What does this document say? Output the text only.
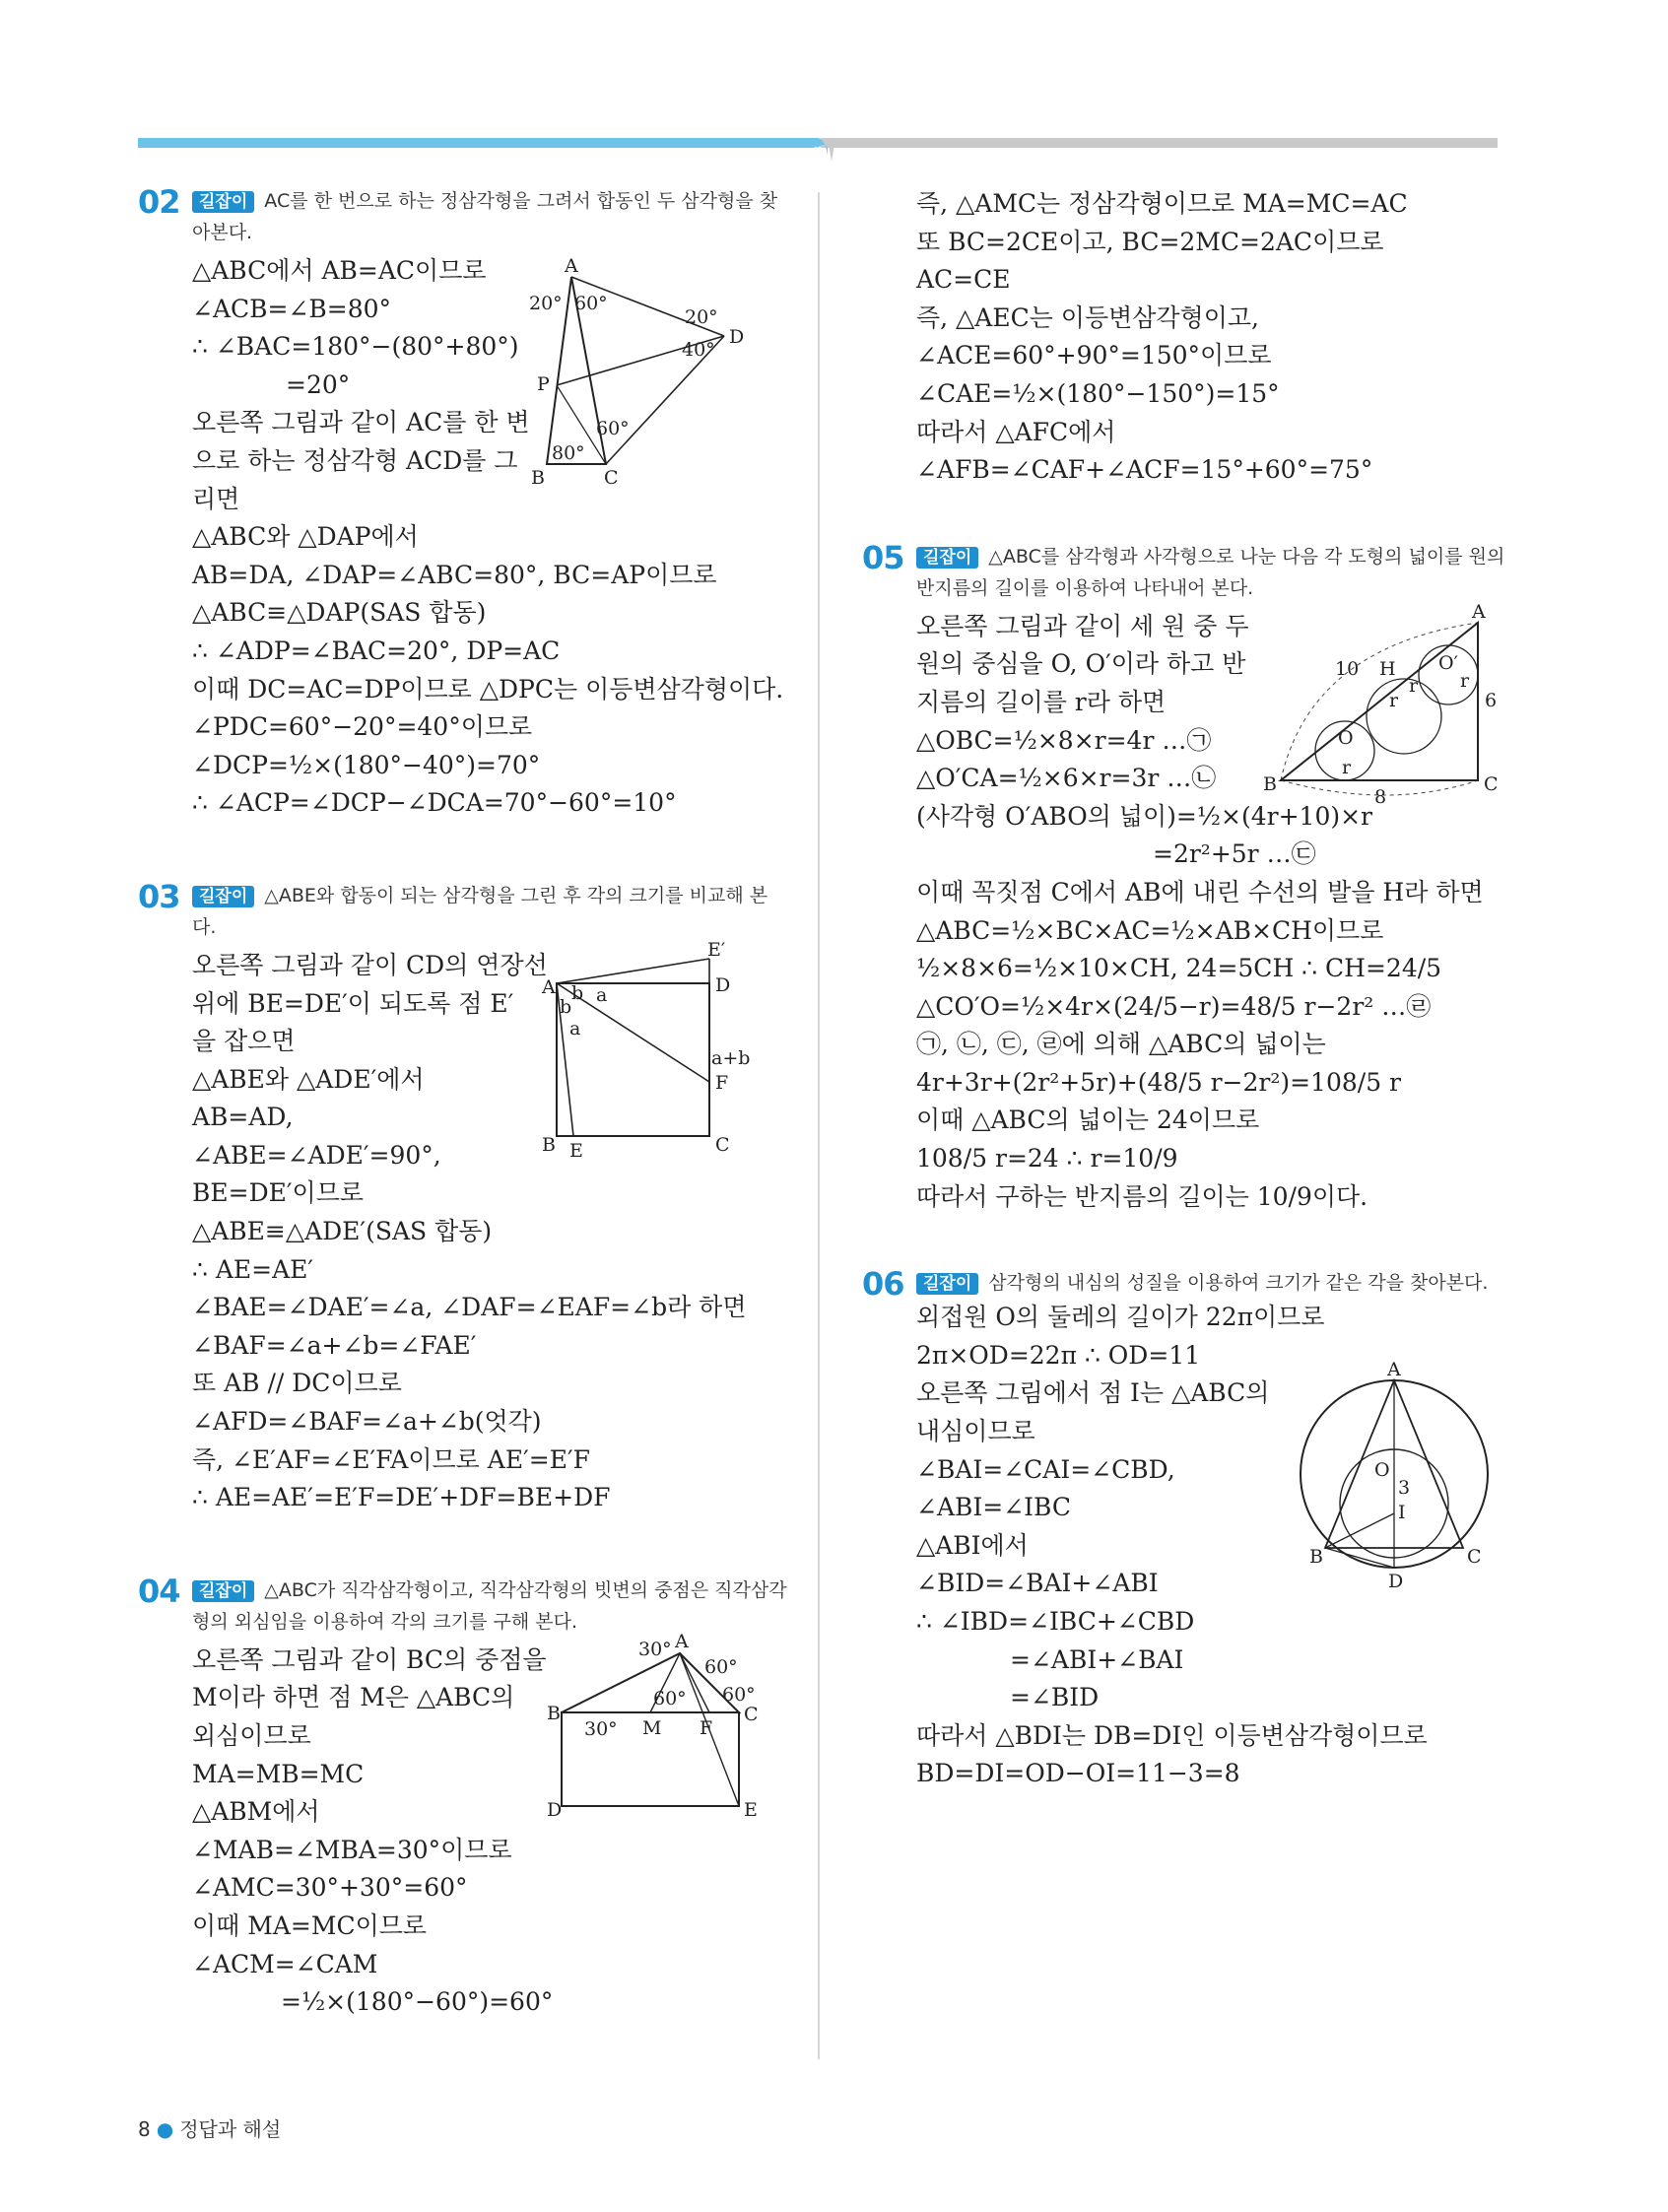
02	길잡이 AC를 한 번으로 하는 정삼각형을 그려서 합동인 두 삼각형을 찾아본다.

△ABC에서 AB=AC이므로

∠ACB=∠B=80°

∴ ∠BAC=180°−(80°+80°)

=20°

오른쪽 그림과 같이 AC를 한 변

으로 하는 정삼각형 ACD를 그

리면

△ABC와 △DAP에서

AB=DA, ∠DAP=∠ABC=80°, BC=AP이므로

△ABC≡△DAP(SAS 합동)

∴ ∠ADP=∠BAC=20°, DP=AC

이때 DC=AC=DP이므로 △DPC는 이등변삼각형이다.

∠PDC=60°−20°=40°이므로

∠DCP=½×(180°−40°)=70°

∴ ∠ACP=∠DCP−∠DCA=70°−60°=10°

A
B	C
D
P
20° 60°
20°
40°
80°
60°
03	길잡이 △ABE와 합동이 되는 삼각형을 그린 후 각의 크기를 비교해 본다.

오른쪽 그림과 같이 CD의 연장선

위에 BE=DE′이 되도록 점 E′

을 잡으면

△ABE와 △ADE′에서

AB=AD,

∠ABE=∠ADE′=90°,

BE=DE′이므로

△ABE≡△ADE′(SAS 합동)

∴ AE=AE′

∠BAE=∠DAE′=∠a, ∠DAF=∠EAF=∠b라 하면

∠BAF=∠a+∠b=∠FAE′

또 AB // DC이므로

∠AFD=∠BAF=∠a+∠b(엇각)

즉, ∠E′AF=∠E′FA이므로 AE′=E′F

∴ AE=AE′=E′F=DE′+DF=BE+DF

A
B	C
D
E
E′
F
b a
b
a
a+b
04	길잡이 △ABC가 직각삼각형이고, 직각삼각형의 빗변의 중점은 직각삼각형의 외심임을 이용하여 각의 크기를 구해 본다.

오른쪽 그림과 같이 BC의 중점을

M이라 하면 점 M은 △ABC의

외심이므로

MA=MB=MC

△ABM에서

∠MAB=∠MBA=30°이므로

∠AMC=30°+30°=60°

이때 MA=MC이므로

∠ACM=∠CAM

=½×(180°−60°)=60°

B
A
C
D	E
M F
30°
60°
60°
60°
30°

즉, △AMC는 정삼각형이므로 MA=MC=AC

또 BC=2CE이고, BC=2MC=2AC이므로

AC=CE

즉, △AEC는 이등변삼각형이고,

∠ACE=60°+90°=150°이므로

∠CAE=½×(180°−150°)=15°

따라서 △AFC에서

∠AFB=∠CAF+∠ACF=15°+60°=75°

05	길잡이 △ABC를 삼각형과 사각형으로 나눈 다음 각 도형의 넓이를 원의 반지름의 길이를 이용하여 나타내어 본다.

오른쪽 그림과 같이 세 원 중 두

원의 중심을 O, O′이라 하고 반

지름의 길이를 r라 하면

△OBC=½×8×r=4r …㉠

△O′CA=½×6×r=3r …㉡

(사각형 O′ABO의 넓이)=½×(4r+10)×r

=2r²+5r …㉢

이때 꼭짓점 C에서 AB에 내린 수선의 발을 H라 하면

△ABC=½×BC×AC=½×AB×CH이므로

½×8×6=½×10×CH, 24=5CH ∴ CH=24/5

△CO′O=½×4r×(24/5−r)=48/5 r−2r² …㉣

㉠, ㉡, ㉢, ㉣에 의해 △ABC의 넓이는

4r+3r+(2r²+5r)+(48/5 r−2r²)=108/5 r

이때 △ABC의 넓이는 24이므로

108/5 r=24 ∴ r=10/9

따라서 구하는 반지름의 길이는 10/9이다.

A
B	C
H
O
O′
10
6
8
r
r
r r
06	길잡이 삼각형의 내심의 성질을 이용하여 크기가 같은 각을 찾아본다.

외접원 O의 둘레의 길이가 22π이므로

2π×OD=22π ∴ OD=11

오른쪽 그림에서 점 I는 △ABC의

내심이므로

∠BAI=∠CAI=∠CBD,

∠ABI=∠IBC

△ABI에서

∠BID=∠BAI+∠ABI

∴ ∠IBD=∠IBC+∠CBD

=∠ABI+∠BAI

=∠BID

따라서 △BDI는 DB=DI인 이등변삼각형이므로

BD=DI=OD−OI=11−3=8

A
B	C
D
O
I
3
8 ● 정답과 해설
